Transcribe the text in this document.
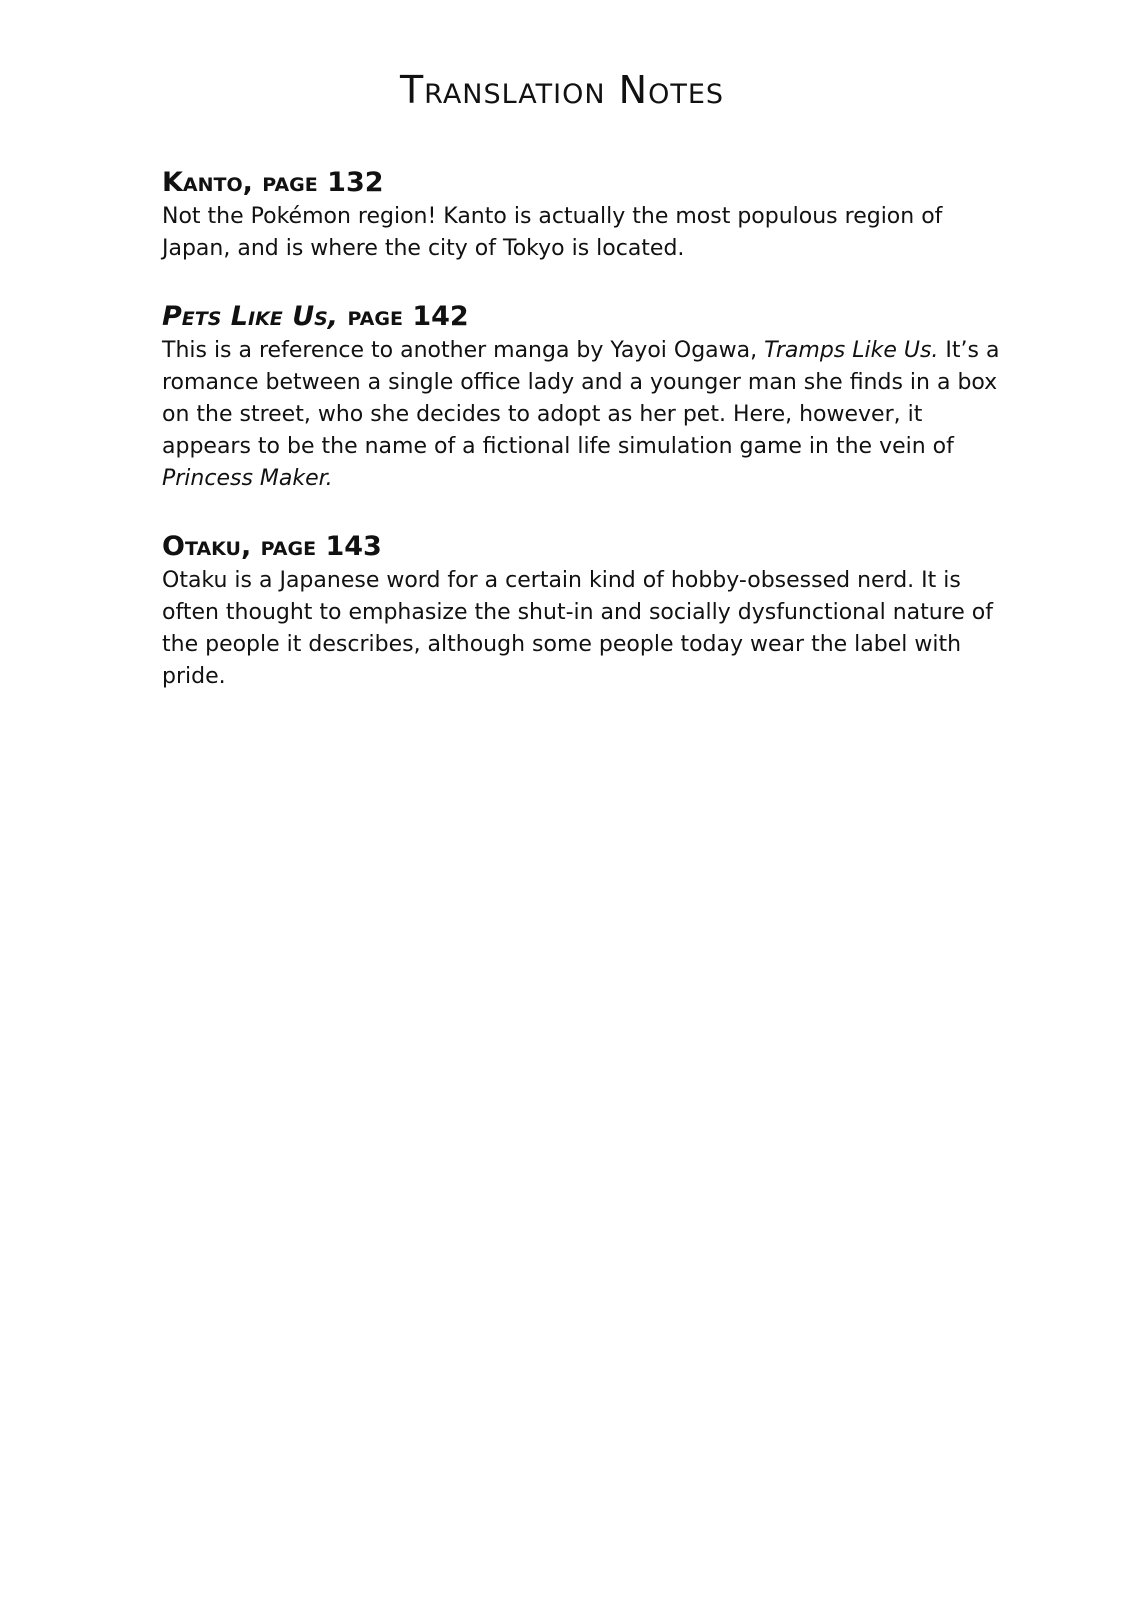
Translation Notes

Kanto, page 132

Not the Pokémon region! Kanto is actually the most populous region of Japan, and is where the city of Tokyo is located.

Pets Like Us, page 142

This is a reference to another manga by Yayoi Ogawa, Tramps Like Us. It’s a romance between a single office lady and a younger man she finds in a box on the street, who she decides to adopt as her pet. Here, however, it appears to be the name of a fictional life simulation game in the vein of Princess Maker.

Otaku, page 143

Otaku is a Japanese word for a certain kind of hobby-obsessed nerd. It is often thought to emphasize the shut-in and socially dysfunctional nature of the people it describes, although some people today wear the label with pride.
